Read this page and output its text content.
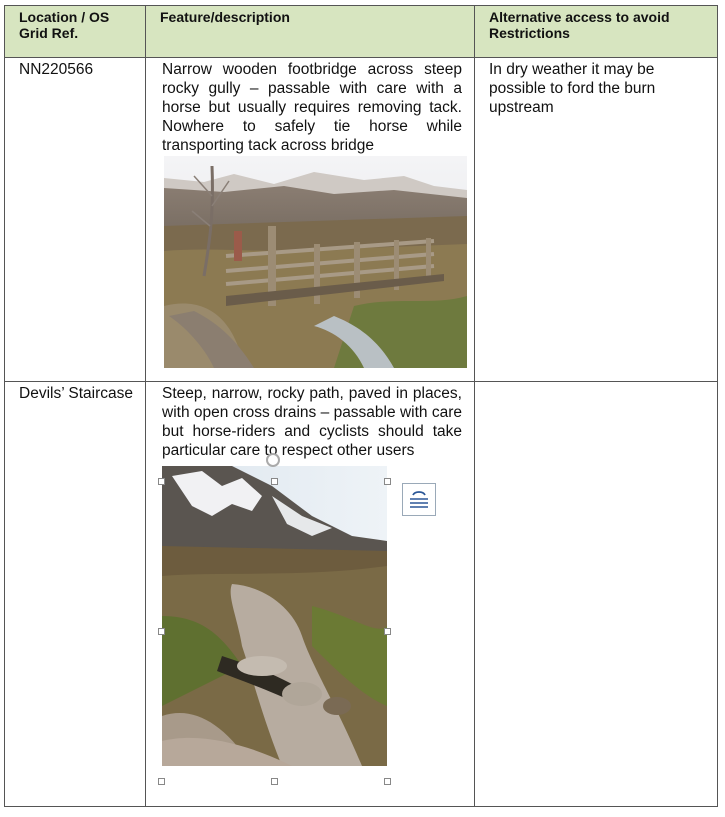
Location / OS Grid Ref.	Feature/description	Alternative access to avoid Restrictions

NN220566	Narrow wooden footbridge across steep rocky gully – passable with care with a horse but usually requires removing tack. Nowhere to safely tie horse while transporting tack across bridge	In dry weather it may be possible to ford the burn upstream

Devils’ Staircase	Steep, narrow, rocky path, paved in places, with open cross drains – passable with care but horse-riders and cyclists should take particular care to respect other users	
